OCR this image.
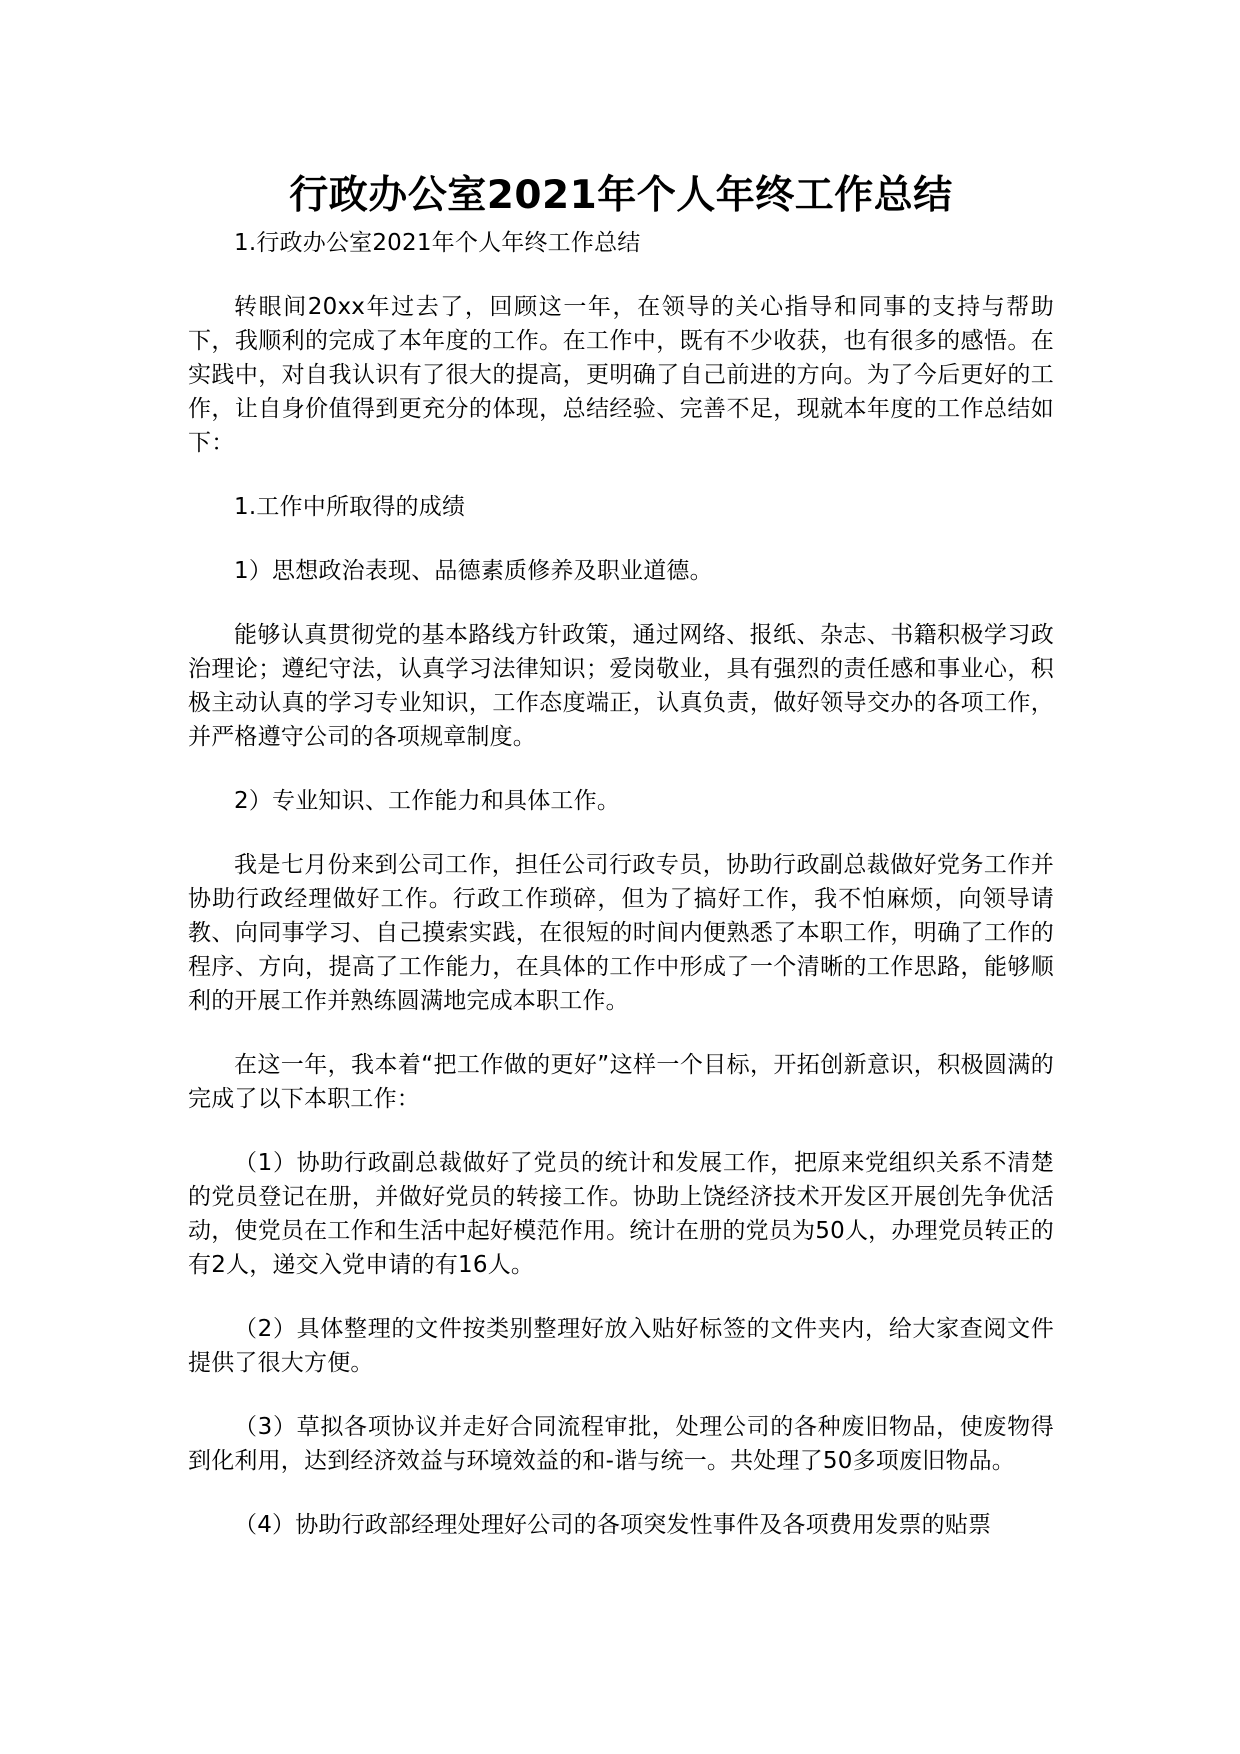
行政办公室2021年个人年终工作总结

1.行政办公室2021年个人年终工作总结

转眼间20xx年过去了，回顾这一年，在领导的关心指导和同事的支持与帮助下，我顺利的完成了本年度的工作。在工作中，既有不少收获，也有很多的感悟。在实践中，对自我认识有了很大的提高，更明确了自己前进的方向。为了今后更好的工作，让自身价值得到更充分的体现，总结经验、完善不足，现就本年度的工作总结如下：

1.工作中所取得的成绩

1）思想政治表现、品德素质修养及职业道德。

能够认真贯彻党的基本路线方针政策，通过网络、报纸、杂志、书籍积极学习政治理论；遵纪守法，认真学习法律知识；爱岗敬业，具有强烈的责任感和事业心，积极主动认真的学习专业知识，工作态度端正，认真负责，做好领导交办的各项工作，并严格遵守公司的各项规章制度。

2）专业知识、工作能力和具体工作。

我是七月份来到公司工作，担任公司行政专员，协助行政副总裁做好党务工作并协助行政经理做好工作。行政工作琐碎，但为了搞好工作，我不怕麻烦，向领导请教、向同事学习、自己摸索实践，在很短的时间内便熟悉了本职工作，明确了工作的程序、方向，提高了工作能力，在具体的工作中形成了一个清晰的工作思路，能够顺利的开展工作并熟练圆满地完成本职工作。

在这一年，我本着“把工作做的更好”这样一个目标，开拓创新意识，积极圆满的完成了以下本职工作：

（1）协助行政副总裁做好了党员的统计和发展工作，把原来党组织关系不清楚的党员登记在册，并做好党员的转接工作。协助上饶经济技术开发区开展创先争优活动，使党员在工作和生活中起好模范作用。统计在册的党员为50人，办理党员转正的有2人，递交入党申请的有16人。

（2）具体整理的文件按类别整理好放入贴好标签的文件夹内，给大家查阅文件提供了很大方便。

（3）草拟各项协议并走好合同流程审批，处理公司的各种废旧物品，使废物得到化利用，达到经济效益与环境效益的和-谐与统一。共处理了50多项废旧物品。

（4）协助行政部经理处理好公司的各项突发性事件及各项费用发票的贴票
